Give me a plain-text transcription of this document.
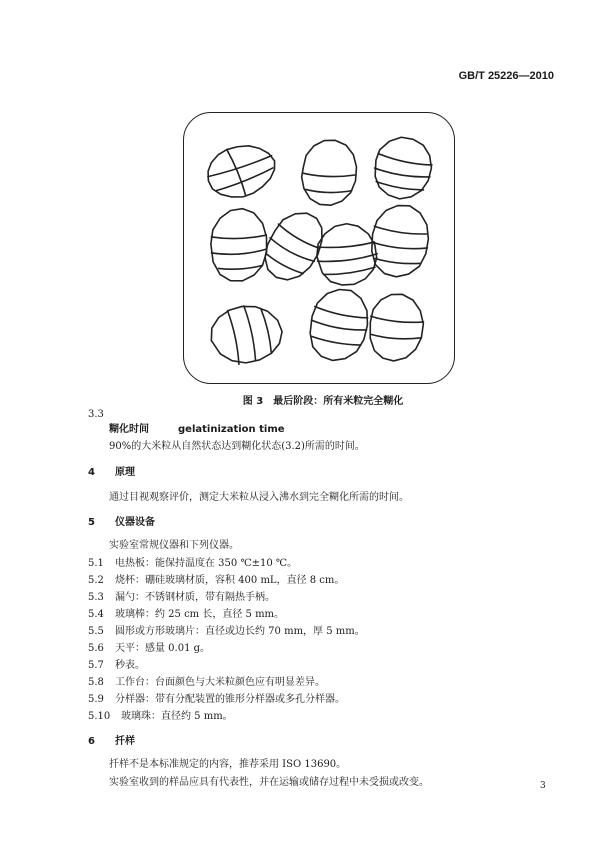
GB/T 25226—2010
图 3　最后阶段：所有米粒完全糊化
3.3
糊化时间	gelatinization time
90%的大米粒从自然状态达到糊化状态(3.2)所需的时间。
4 原理
通过目视观察评价，测定大米粒从浸入沸水到完全糊化所需的时间。
5 仪器设备
实验室常规仪器和下列仪器。
5.1 电热板：能保持温度在 350 ℃±10 ℃。
5.2 烧杯：硼硅玻璃材质，容积 400 mL，直径 8 cm。
5.3 漏勺：不锈钢材质，带有隔热手柄。
5.4 玻璃棒：约 25 cm 长，直径 5 mm。
5.5 圆形或方形玻璃片：直径或边长约 70 mm，厚 5 mm。
5.6 天平：感量 0.01 g。
5.7 秒表。
5.8 工作台：台面颜色与大米粒颜色应有明显差异。
5.9 分样器：带有分配装置的锥形分样器或多孔分样器。
5.10 玻璃珠：直径约 5 mm。
6 扦样
扦样不是本标准规定的内容，推荐采用 ISO 13690。
实验室收到的样品应具有代表性，并在运输或储存过程中未受损或改变。	3
